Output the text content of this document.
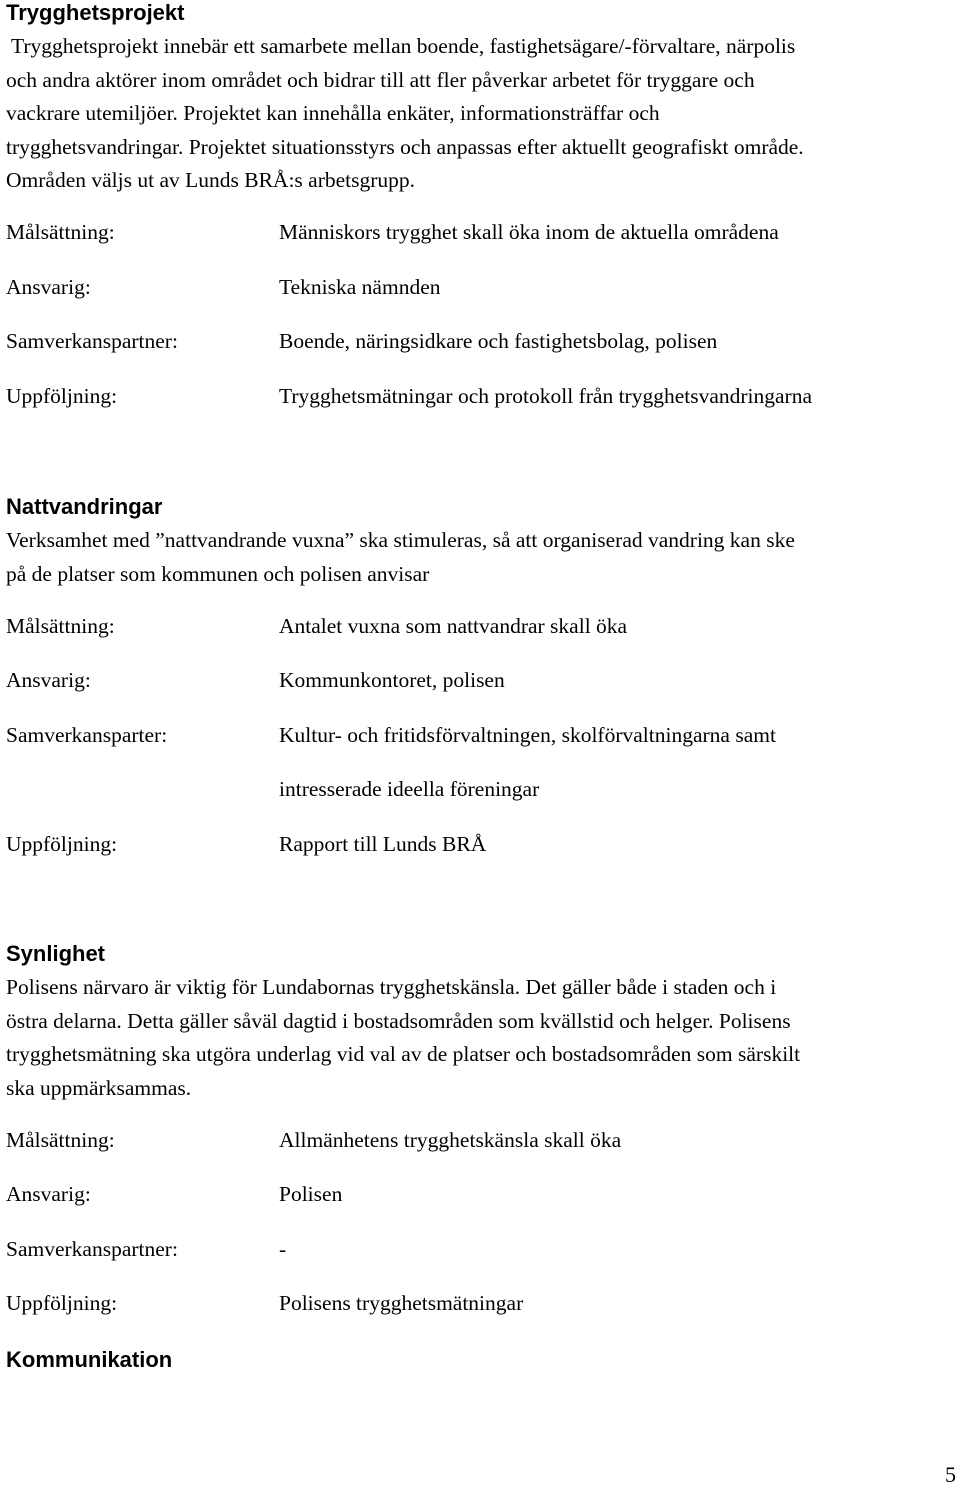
Trygghetsprojekt

Trygghetsprojekt innebär ett samarbete mellan boende, fastighetsägare/-förvaltare, närpolis

och andra aktörer inom området och bidrar till att fler påverkar arbetet för tryggare och

vackrare utemiljöer. Projektet kan innehålla enkäter, informationsträffar och

trygghetsvandringar. Projektet situationsstyrs och anpassas efter aktuellt geografiskt område.

Områden väljs ut av Lunds BRÅ:s arbetsgrupp.

Målsättning:	Människors trygghet skall öka inom de aktuella områdena
Ansvarig:	Tekniska nämnden
Samverkanspartner:	Boende, näringsidkare och fastighetsbolag, polisen
Uppföljning:	Trygghetsmätningar och protokoll från trygghetsvandringarna
Nattvandringar

Verksamhet med ”nattvandrande vuxna” ska stimuleras, så att organiserad vandring kan ske

på de platser som kommunen och polisen anvisar

Målsättning:	Antalet vuxna som nattvandrar skall öka
Ansvarig:	Kommunkontoret, polisen
Samverkansparter:	Kultur- och fritidsförvaltningen, skolförvaltningarna samt
intresserade ideella föreningar
Uppföljning:	Rapport till Lunds BRÅ
Synlighet

Polisens närvaro är viktig för Lundabornas trygghetskänsla. Det gäller både i staden och i

östra delarna. Detta gäller såväl dagtid i bostadsområden som kvällstid och helger. Polisens

trygghetsmätning ska utgöra underlag vid val av de platser och bostadsområden som särskilt

ska uppmärksammas.

Målsättning:	Allmänhetens trygghetskänsla skall öka
Ansvarig:	Polisen
Samverkanspartner:	-
Uppföljning:	Polisens trygghetsmätningar
Kommunikation
5
